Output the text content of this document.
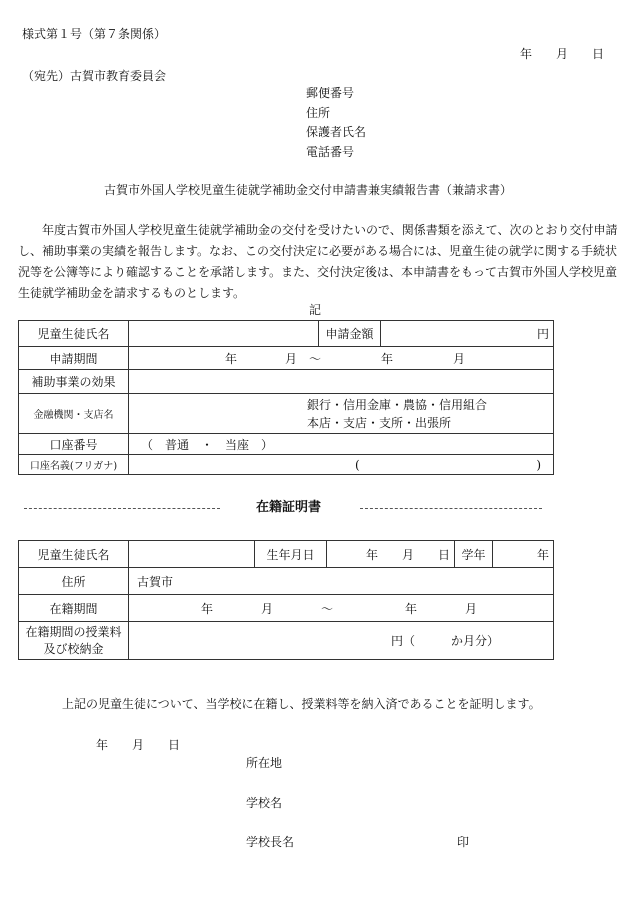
様式第１号（第７条関係）
年　　月　　日
（宛先）古賀市教育委員会
郵便番号
住所
保護者氏名
電話番号
古賀市外国人学校児童生徒就学補助金交付申請書兼実績報告書（兼請求書）

年度古賀市外国人学校児童生徒就学補助金の交付を受けたいので、関係書類を添えて、次のとおり交付申請し、補助事業の実績を報告します。なお、この交付決定に必要がある場合には、児童生徒の就学に関する手続状況等を公簿等により確認することを承諾します。また、交付決定後は、本申請書をもって古賀市外国人学校児童生徒就学補助金を請求するものとします。

記
児童生徒氏名		申請金額	円
申請期間	年　　　　月　～　　　　　年　　　　　月		
補助事業の効果			
金融機関・支店名	銀行・信用金庫・農協・信用組合
本店・支店・支所・出張所		

口座番号	（　普通　・　当座　）		
口座名義(フリガナ)	( )		
在籍証明書
児童生徒氏名		生年月日	年　　月　　日	学年	年
住所	古賀市				
在籍期間	年　　　　月　　　　～　　　　　　年　　　　月				

在籍期間の授業料
及び校納金	円（　　　か月分）				
上記の児童生徒について、当学校に在籍し、授業料等を納入済であることを証明します。
年　　月　　日
所在地
学校名
学校長名	印
